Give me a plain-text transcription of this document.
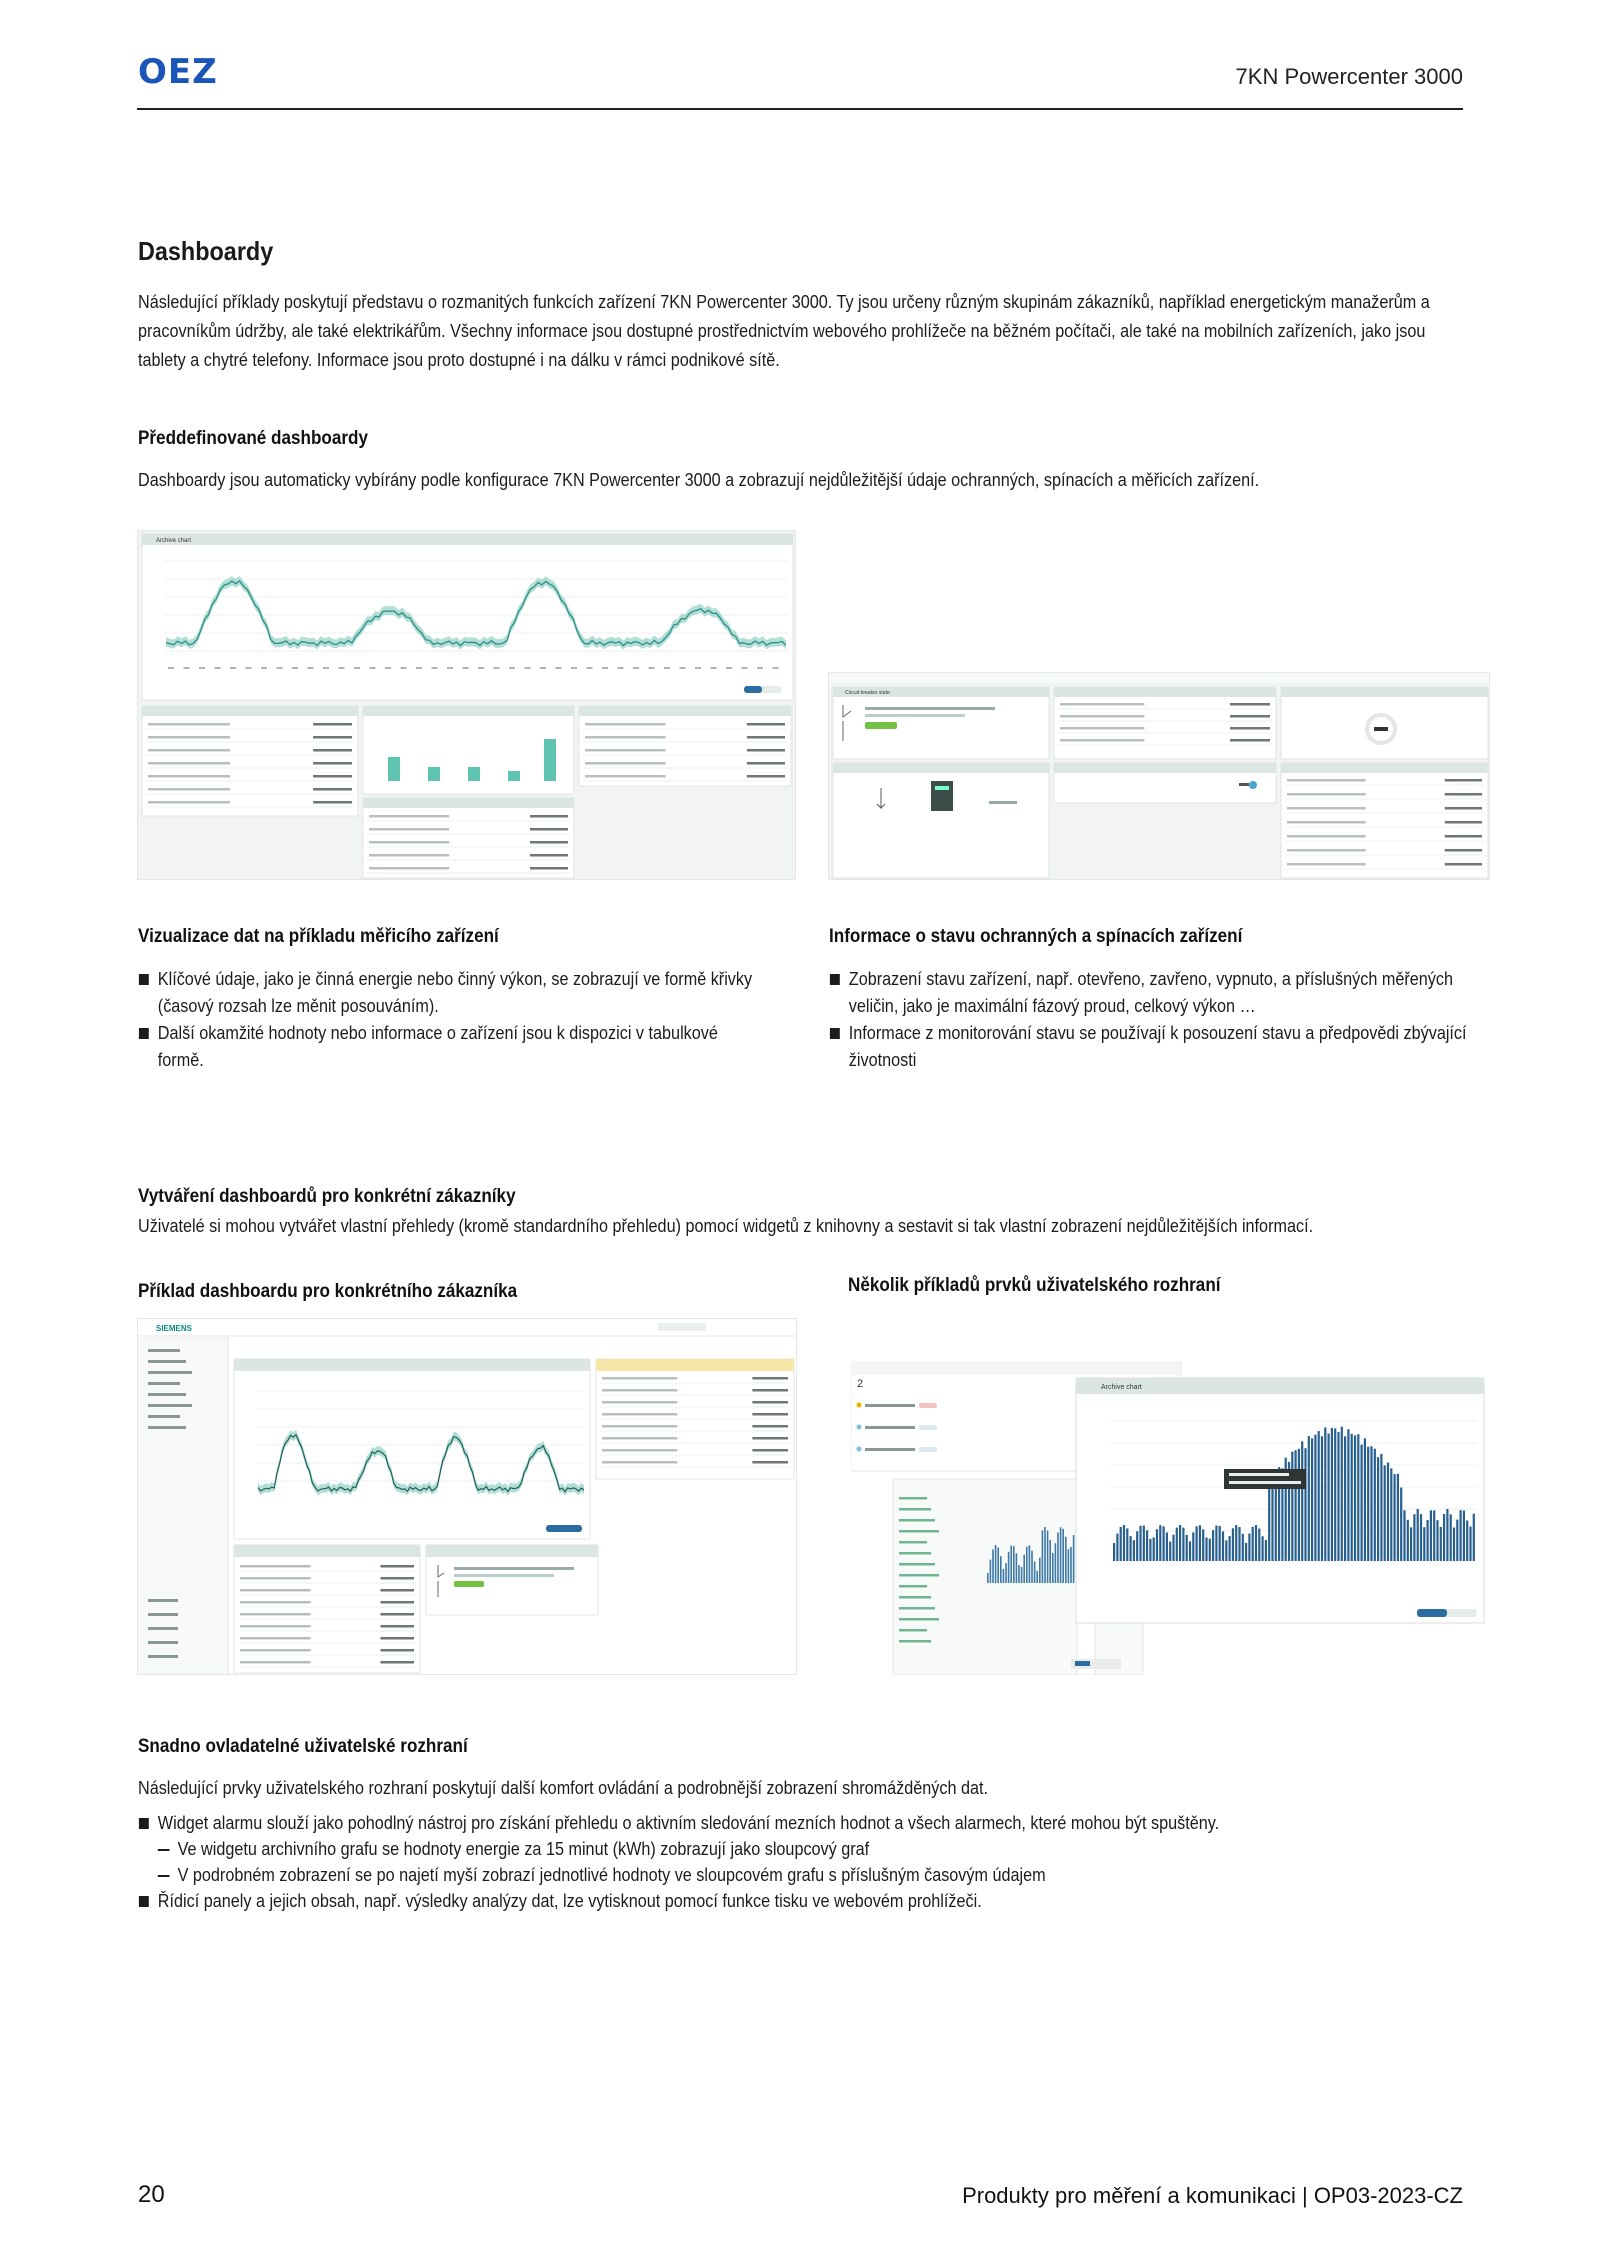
OEZ	7KN Powercenter 3000
Dashboardy
Následující příklady poskytují představu o rozmanitých funkcích zařízení 7KN Powercenter 3000. Ty jsou určeny různým skupinám zákazníků, například energetickým manažerům a pracovníkům údržby, ale také elektrikářům. Všechny informace jsou dostupné prostřednictvím webového prohlížeče na běžném počítači, ale také na mobilních zařízeních, jako jsou tablety a chytré telefony. Informace jsou proto dostupné i na dálku v rámci podnikové sítě.
Předdefinované dashboardy
Dashboardy jsou automaticky vybírány podle konfigurace 7KN Powercenter 3000 a zobrazují nejdůležitější údaje ochranných, spínacích a měřicích zařízení.
Archive chart
Circuit breaker state
Vizualizace dat na příkladu měřicího zařízení
Klíčové údaje, jako je činná energie nebo činný výkon, se zobrazují ve formě křivky (časový rozsah lze měnit posouváním).
Další okamžité hodnoty nebo informace o zařízení jsou k dispozici v tabulkové formě.
Informace o stavu ochranných a spínacích zařízení
Zobrazení stavu zařízení, např. otevřeno, zavřeno, vypnuto, a příslušných měřených veličin, jako je maximální fázový proud, celkový výkon …
Informace z monitorování stavu se používají k posouzení stavu a předpovědi zbývající životnosti
Vytváření dashboardů pro konkrétní zákazníky
Uživatelé si mohou vytvářet vlastní přehledy (kromě standardního přehledu) pomocí widgetů z knihovny a sestavit si tak vlastní zobrazení nejdůležitějších informací.
Příklad dashboardu pro konkrétního zákazníka	Několik příkladů prvků uživatelského rozhraní
SIEMENS
2	Archive chart
Snadno ovladatelné uživatelské rozhraní
Následující prvky uživatelského rozhraní poskytují další komfort ovládání a podrobnější zobrazení shromážděných dat.
Widget alarmu slouží jako pohodlný nástroj pro získání přehledu o aktivním sledování mezních hodnot a všech alarmech, které mohou být spuštěny.
Ve widgetu archivního grafu se hodnoty energie za 15 minut (kWh) zobrazují jako sloupcový graf
V podrobném zobrazení se po najetí myší zobrazí jednotlivé hodnoty ve sloupcovém grafu s příslušným časovým údajem
Řídicí panely a jejich obsah, např. výsledky analýzy dat, lze vytisknout pomocí funkce tisku ve webovém prohlížeči.
20	Produkty pro měření a komunikaci | OP03-2023-CZ
